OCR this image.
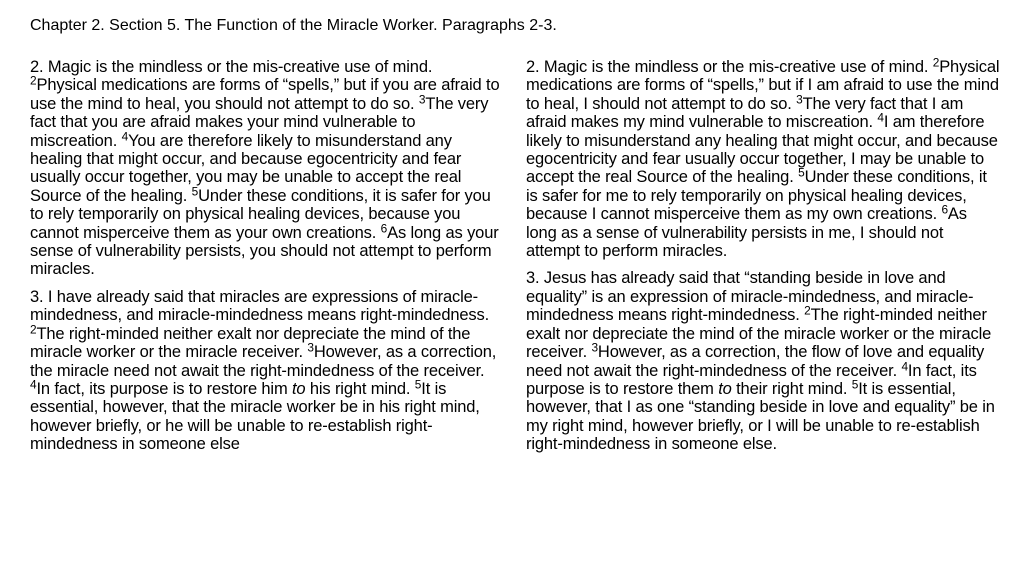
Chapter 2. Section 5. The Function of the Miracle Worker. Paragraphs 2-3.

2. Magic is the mindless or the mis-creative use of mind. $^2$Physical medications are forms of “spells,” but if you are afraid to use the mind to heal, you should not attempt to do so. $^3$The very fact that you are afraid makes your mind vulnerable to miscreation. $^4$You are therefore likely to misunderstand any healing that might occur, and because egocentricity and fear usually occur together, you may be unable to accept the real Source of the healing. $^5$Under these conditions, it is safer for you to rely temporarily on physical healing devices, because you cannot misperceive them as your own creations. $^6$As long as your sense of vulnerability persists, you should not attempt to perform miracles.

3. I have already said that miracles are expressions of miracle-mindedness, and miracle-mindedness means right-mindedness. $^2$The right-minded neither exalt nor depreciate the mind of the miracle worker or the miracle receiver. $^3$However, as a correction, the miracle need not await the right-mindedness of the receiver. $^4$In fact, its purpose is to restore him to his right mind. $^5$It is essential, however, that the miracle worker be in his right mind, however briefly, or he will be unable to re-establish right-mindedness in someone else

2. Magic is the mindless or the mis-creative use of mind. $^2$Physical medications are forms of “spells,” but if I am afraid to use the mind to heal, I should not attempt to do so. $^3$The very fact that I am afraid makes my mind vulnerable to miscreation. $^4$I am therefore likely to misunderstand any healing that might occur, and because egocentricity and fear usually occur together, I may be unable to accept the real Source of the healing. $^5$Under these conditions, it is safer for me to rely temporarily on physical healing devices, because I cannot misperceive them as my own creations. $^6$As long as a sense of vulnerability persists in me, I should not attempt to perform miracles.

3. Jesus has already said that “standing beside in love and equality” is an expression of miracle-mindedness, and miracle-mindedness means right-mindedness. $^2$The right-minded neither exalt nor depreciate the mind of the miracle worker or the miracle receiver. $^3$However, as a correction, the flow of love and equality need not await the right-mindedness of the receiver. $^4$In fact, its purpose is to restore them to their right mind. $^5$It is essential, however, that I as one “standing beside in love and equality” be in my right mind, however briefly, or I will be unable to re-establish right-mindedness in someone else.
